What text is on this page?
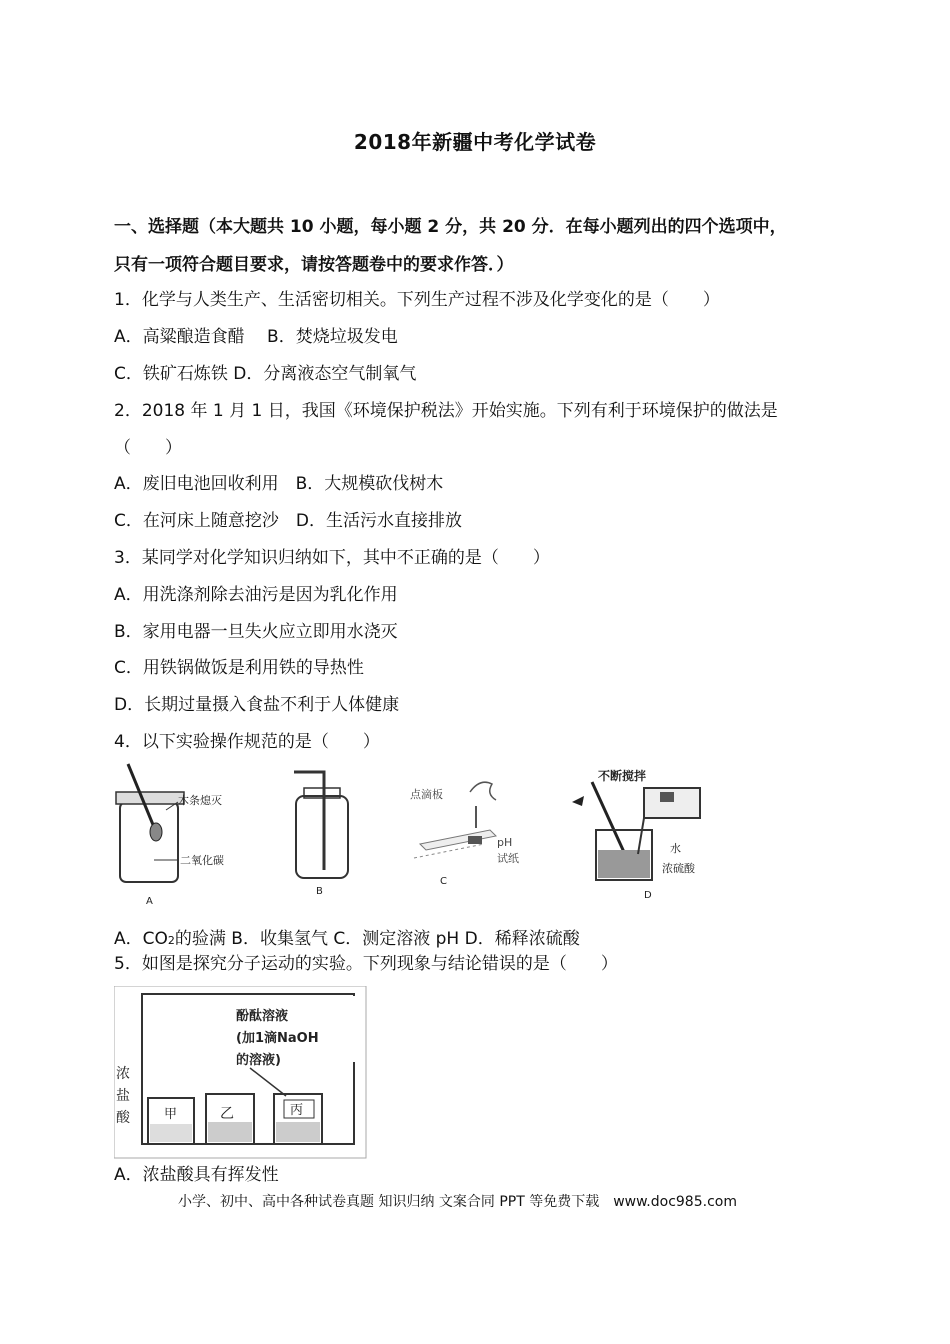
2018年新疆中考化学试卷
一、选择题（本大题共 10 小题，每小题 2 分，共 20 分．在每小题列出的四个选项中，
只有一项符合题目要求，请按答题卷中的要求作答．）
1．化学与人类生产、生活密切相关。下列生产过程不涉及化学变化的是（　　）
A．高粱酿造食醋　 B．焚烧垃圾发电
C．铁矿石炼铁 D．分离液态空气制氧气
2．2018 年 1 月 1 日，我国《环境保护税法》开始实施。下列有利于环境保护的做法是
（　　）
A．废旧电池回收利用　B．大规模砍伐树木
C．在河床上随意挖沙　D．生活污水直接排放
3．某同学对化学知识归纳如下，其中不正确的是（　　）
A．用洗涤剂除去油污是因为乳化作用
B．家用电器一旦失火应立即用水浇灭
C．用铁锅做饭是利用铁的导热性
D．长期过量摄入食盐不利于人体健康
4．以下实验操作规范的是（　　）
木条熄灭
二氧化碳
A
B
点滴板
pH
试纸
C
不断搅拌
水
浓硫酸
D
A．CO2的验满 B．收集氢气 C．测定溶液 pH D．稀释浓硫酸
5．如图是探究分子运动的实验。下列现象与结论错误的是（　　）
浓
盐
酸
酚酞溶液
(加1滴NaOH
的溶液)
甲	乙	丙
A．浓盐酸具有挥发性
小学、初中、高中各种试卷真题 知识归纳 文案合同 PPT 等免费下载　www.doc985.com
